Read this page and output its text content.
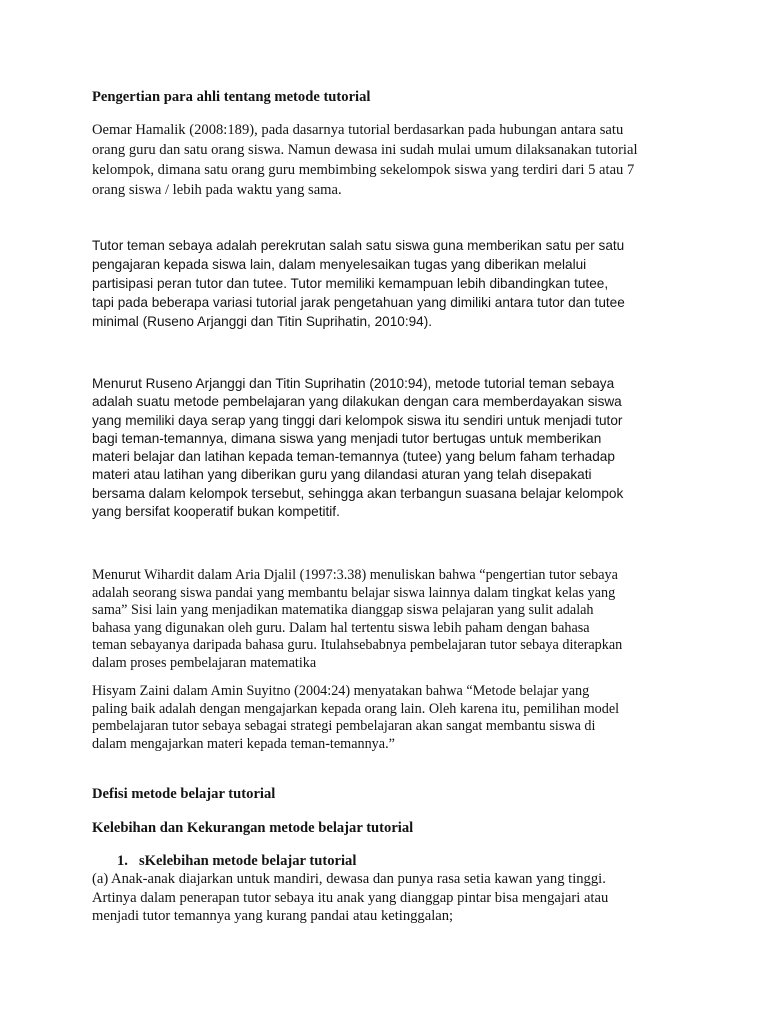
Pengertian para ahli tentang metode tutorial
Oemar Hamalik (2008:189), pada dasarnya tutorial berdasarkan pada hubungan antara satu
orang guru dan satu orang siswa. Namun dewasa ini sudah mulai umum dilaksanakan tutorial
kelompok, dimana satu orang guru membimbing sekelompok siswa yang terdiri dari 5 atau 7
orang siswa / lebih pada waktu yang sama.
Tutor teman sebaya adalah perekrutan salah satu siswa guna memberikan satu per satu
pengajaran kepada siswa lain, dalam menyelesaikan tugas yang diberikan melalui
partisipasi peran tutor dan tutee. Tutor memiliki kemampuan lebih dibandingkan tutee,
tapi pada beberapa variasi tutorial jarak pengetahuan yang dimiliki antara tutor dan tutee
minimal (Ruseno Arjanggi dan Titin Suprihatin, 2010:94).
Menurut Ruseno Arjanggi dan Titin Suprihatin (2010:94), metode tutorial teman sebaya
adalah suatu metode pembelajaran yang dilakukan dengan cara memberdayakan siswa
yang memiliki daya serap yang tinggi dari kelompok siswa itu sendiri untuk menjadi tutor
bagi teman-temannya, dimana siswa yang menjadi tutor bertugas untuk memberikan
materi belajar dan latihan kepada teman-temannya (tutee) yang belum faham terhadap
materi atau latihan yang diberikan guru yang dilandasi aturan yang telah disepakati
bersama dalam kelompok tersebut, sehingga akan terbangun suasana belajar kelompok
yang bersifat kooperatif bukan kompetitif.
Menurut Wihardit dalam Aria Djalil (1997:3.38) menuliskan bahwa “pengertian tutor sebaya
adalah seorang siswa pandai yang membantu belajar siswa lainnya dalam tingkat kelas yang
sama” Sisi lain yang menjadikan matematika dianggap siswa pelajaran yang sulit adalah
bahasa yang digunakan oleh guru. Dalam hal tertentu siswa lebih paham dengan bahasa
teman sebayanya daripada bahasa guru. Itulahsebabnya pembelajaran tutor sebaya diterapkan
dalam proses pembelajaran matematika
Hisyam Zaini dalam Amin Suyitno (2004:24) menyatakan bahwa “Metode belajar yang
paling baik adalah dengan mengajarkan kepada orang lain. Oleh karena itu, pemilihan model
pembelajaran tutor sebaya sebagai strategi pembelajaran akan sangat membantu siswa di
dalam mengajarkan materi kepada teman-temannya.”
Defisi metode belajar tutorial
Kelebihan dan Kekurangan metode belajar tutorial
1. sKelebihan metode belajar tutorial
(a) Anak-anak diajarkan untuk mandiri, dewasa dan punya rasa setia kawan yang tinggi.
Artinya dalam penerapan tutor sebaya itu anak yang dianggap pintar bisa mengajari atau
menjadi tutor temannya yang kurang pandai atau ketinggalan;
